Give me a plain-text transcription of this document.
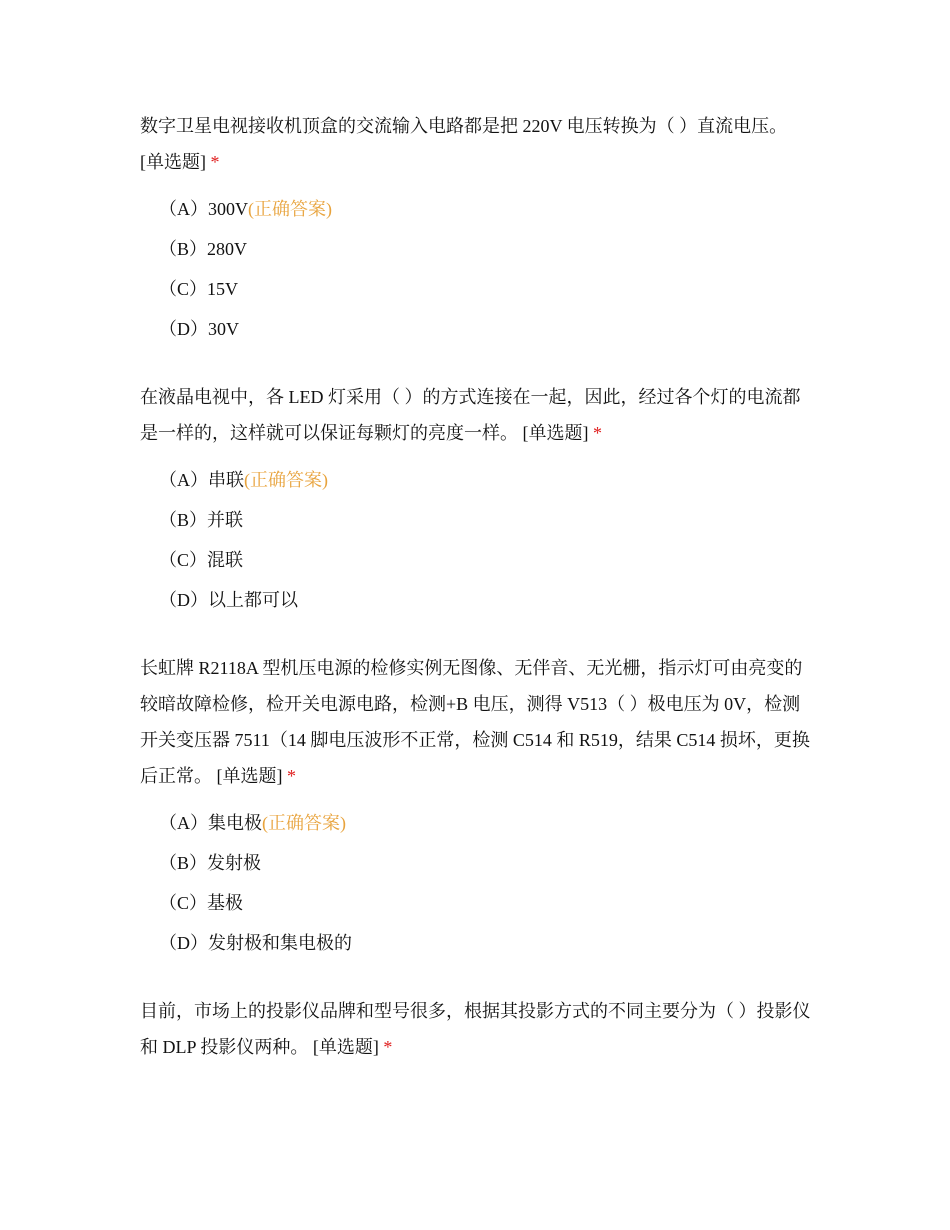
数字卫星电视接收机顶盒的交流输入电路都是把 220V 电压转换为（ ）直流电压。[单选题] *

（A）300V(正确答案)
（B）280V
（C）15V
（D）30V

在液晶电视中，各 LED 灯采用（ ）的方式连接在一起，因此，经过各个灯的电流都是一样的，这样就可以保证每颗灯的亮度一样。 [单选题] *

（A）串联(正确答案)
（B）并联
（C）混联
（D）以上都可以

长虹牌 R2118A 型机压电源的检修实例无图像、无伴音、无光栅，指示灯可由亮变的较暗故障检修，检开关电源电路，检测+B 电压，测得 V513（ ）极电压为 0V，检测开关变压器 7511（14 脚电压波形不正常，检测 C514 和 R519，结果 C514 损坏，更换后正常。 [单选题] *

（A）集电极(正确答案)
（B）发射极
（C）基极
（D）发射极和集电极的

目前，市场上的投影仪品牌和型号很多，根据其投影方式的不同主要分为（ ）投影仪和 DLP 投影仪两种。 [单选题] *
